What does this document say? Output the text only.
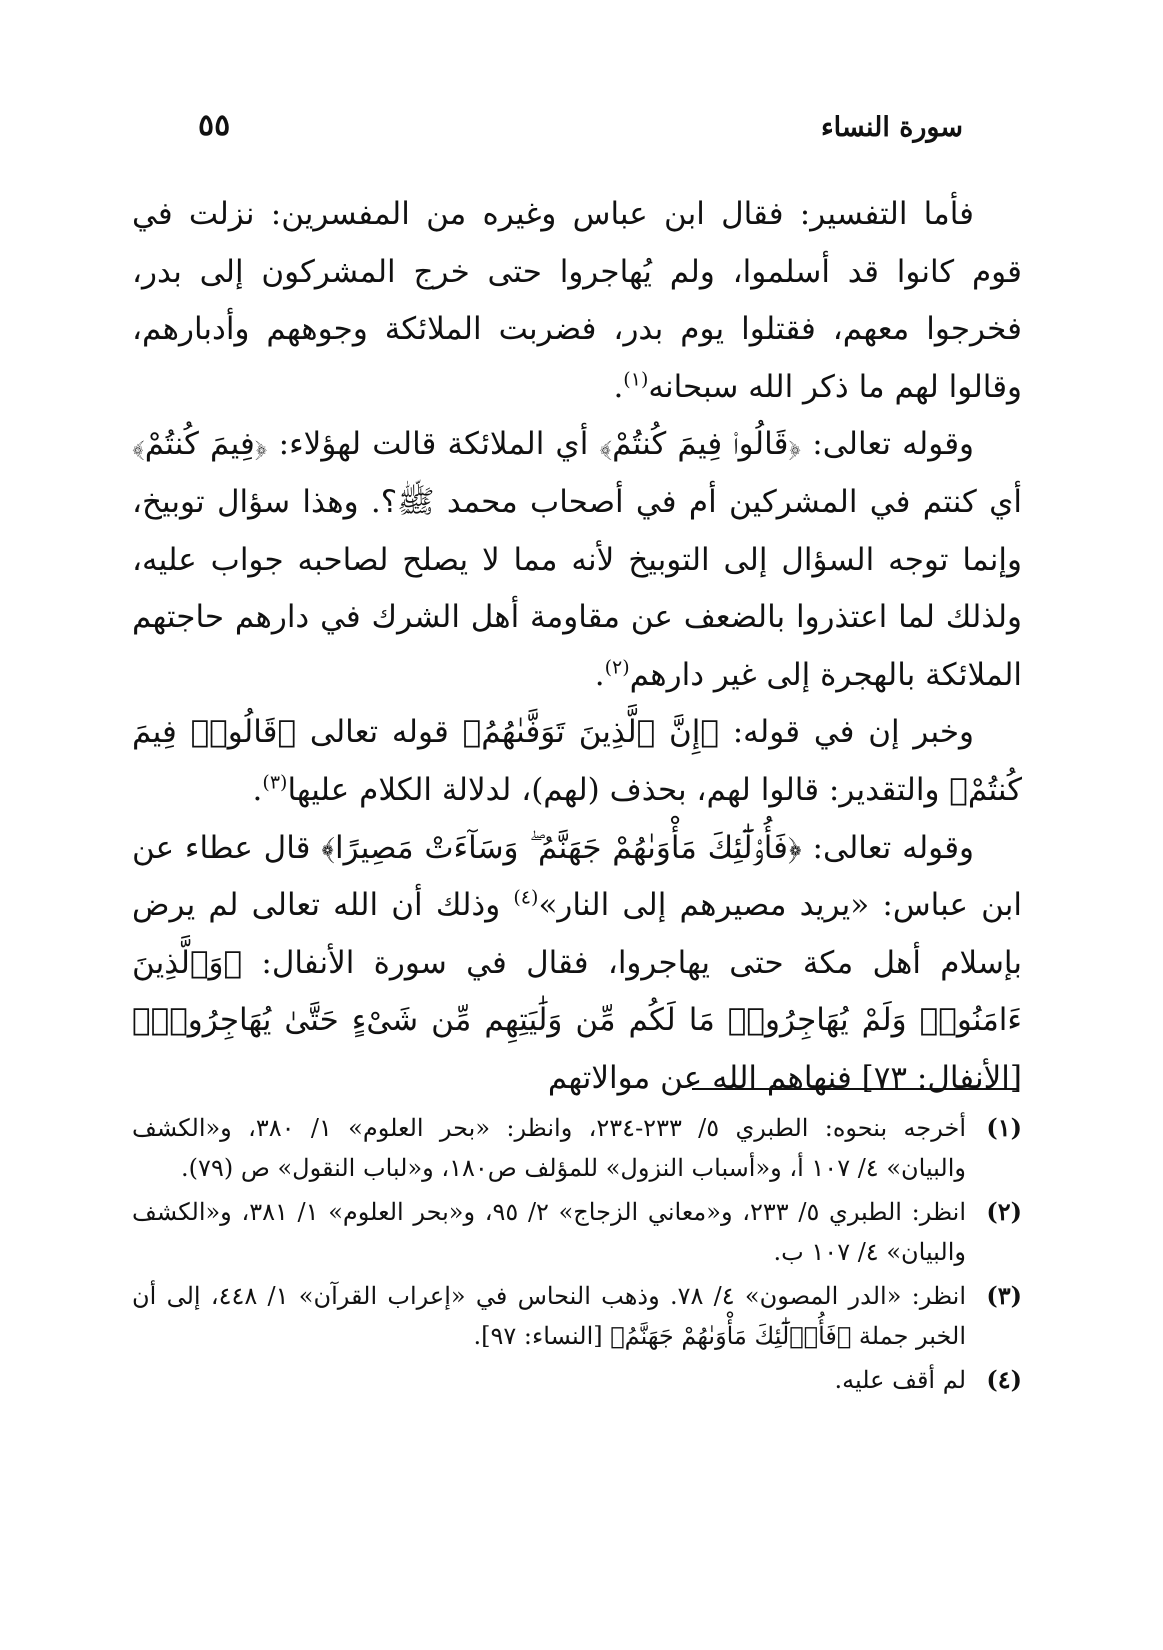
سورة النساء
٥٥

فأما التفسير: فقال ابن عباس وغيره من المفسرين: نزلت في قوم كانوا قد أسلموا، ولم يُهاجروا حتى خرج المشركون إلى بدر، فخرجوا معهم، فقتلوا يوم بدر، فضربت الملائكة وجوههم وأدبارهم، وقالوا لهم ما ذكر الله سبحانه$^{(١)}$.

وقوله تعالى: ﴿قَالُوا۟ فِيمَ كُنتُمْ﴾ أي الملائكة قالت لهؤلاء: ﴿فِيمَ كُنتُمْ﴾ أي كنتم في المشركين أم في أصحاب محمد ﷺ؟. وهذا سؤال توبيخ، وإنما توجه السؤال إلى التوبيخ لأنه مما لا يصلح لصاحبه جواب عليه، ولذلك لما اعتذروا بالضعف عن مقاومة أهل الشرك في دارهم حاجتهم الملائكة بالهجرة إلى غير دارهم$^{(٢)}$.

وخبر إن في قوله: ﴿إِنَّ ٱلَّذِينَ تَوَفَّىٰهُمُ﴾ قوله تعالى ﴿قَالُوا۟ فِيمَ كُنتُمْ﴾ والتقدير: قالوا لهم، بحذف (لهم)، لدلالة الكلام عليها$^{(٣)}$.

وقوله تعالى: ﴿فَأُو۟لَٰٓئِكَ مَأْوَىٰهُمْ جَهَنَّمُ ۖ وَسَآءَتْ مَصِيرًا﴾ قال عطاء عن ابن عباس: «يريد مصيرهم إلى النار»$^{(٤)}$ وذلك أن الله تعالى لم يرض بإسلام أهل مكة حتى يهاجروا، فقال في سورة الأنفال: ﴿وَٱلَّذِينَ ءَامَنُوا۟ وَلَمْ يُهَاجِرُوا۟ مَا لَكُم مِّن وَلَٰيَتِهِم مِّن شَىْءٍ حَتَّىٰ يُهَاجِرُوا۟﴾ [الأنفال: ٧٣] فنهاهم الله عن موالاتهم

(١)
أخرجه بنحوه: الطبري ٥/ ٢٣٣-٢٣٤، وانظر: «بحر العلوم» ١/ ٣٨٠، و«الكشف والبيان» ٤/ ١٠٧ أ، و«أسباب النزول» للمؤلف ص١٨٠، و«لباب النقول» ص (٧٩).
(٢)
انظر: الطبري ٥/ ٢٣٣، و«معاني الزجاج» ٢/ ٩٥، و«بحر العلوم» ١/ ٣٨١، و«الكشف والبيان» ٤/ ١٠٧ ب.
(٣)
انظر: «الدر المصون» ٤/ ٧٨. وذهب النحاس في «إعراب القرآن» ١/ ٤٤٨، إلى أن الخبر جملة ﴿فَأُو۟لَٰٓئِكَ مَأْوَىٰهُمْ جَهَنَّمُ﴾ [النساء: ٩٧].
(٤)
لم أقف عليه.
